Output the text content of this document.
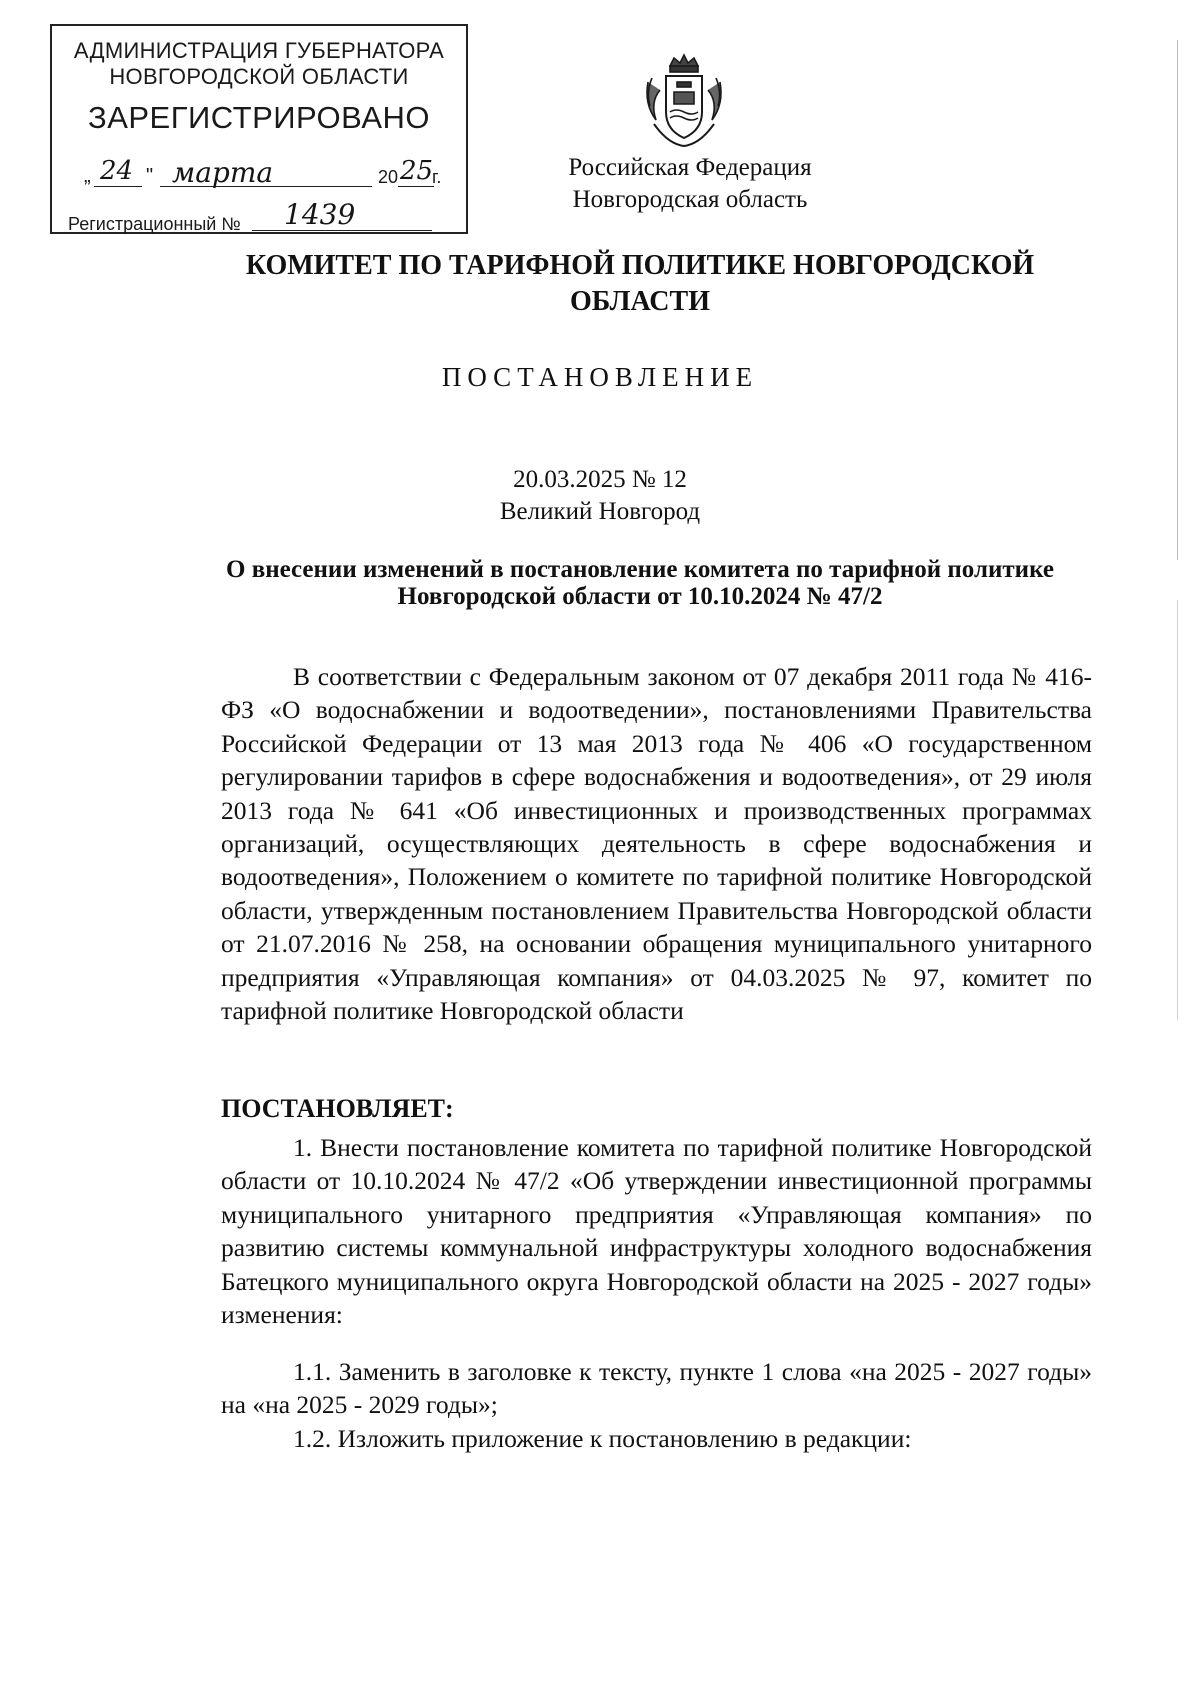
АДМИНИСТРАЦИЯ ГУБЕРНАТОРА
НОВГОРОДСКОЙ ОБЛАСТИ
ЗАРЕГИСТРИРОВАНО
„ 24 " марта	20 25
г.
Регистрационный № 1439
Российская Федерация
Новгородская область
КОМИТЕТ ПО ТАРИФНОЙ ПОЛИТИКЕ НОВГОРОДСКОЙ ОБЛАСТИ
ПОСТАНОВЛЕНИЕ
20.03.2025 № 12
Великий Новгород
О внесении изменений в постановление комитета по тарифной политике Новгородской области от 10.10.2024 № 47/2
В соответствии с Федеральным законом от 07 декабря 2011 года № 416-ФЗ «О водоснабжении и водоотведении», постановлениями Правительства Российской Федерации от 13 мая 2013 года № 406 «О государственном регулировании тарифов в сфере водоснабжения и водоотведения», от 29 июля 2013 года № 641 «Об инвестиционных и производственных программах организаций, осуществляющих деятельность в сфере водоснабжения и водоотведения», Положением о комитете по тарифной политике Новгородской области, утвержденным постановлением Правительства Новгородской области от 21.07.2016 № 258, на основании обращения муниципального унитарного предприятия «Управляющая компания» от 04.03.2025 № 97, комитет по тарифной политике Новгородской области
ПОСТАНОВЛЯЕТ:
1. Внести постановление комитета по тарифной политике Новгородской области от 10.10.2024 № 47/2 «Об утверждении инвестиционной программы муниципального унитарного предприятия «Управляющая компания» по развитию системы коммунальной инфраструктуры холодного водоснабжения Батецкого муниципального округа Новгородской области на 2025 - 2027 годы» изменения:
1.1. Заменить в заголовке к тексту, пункте 1 слова «на 2025 - 2027 годы» на «на 2025 - 2029 годы»;
1.2. Изложить приложение к постановлению в редакции:
